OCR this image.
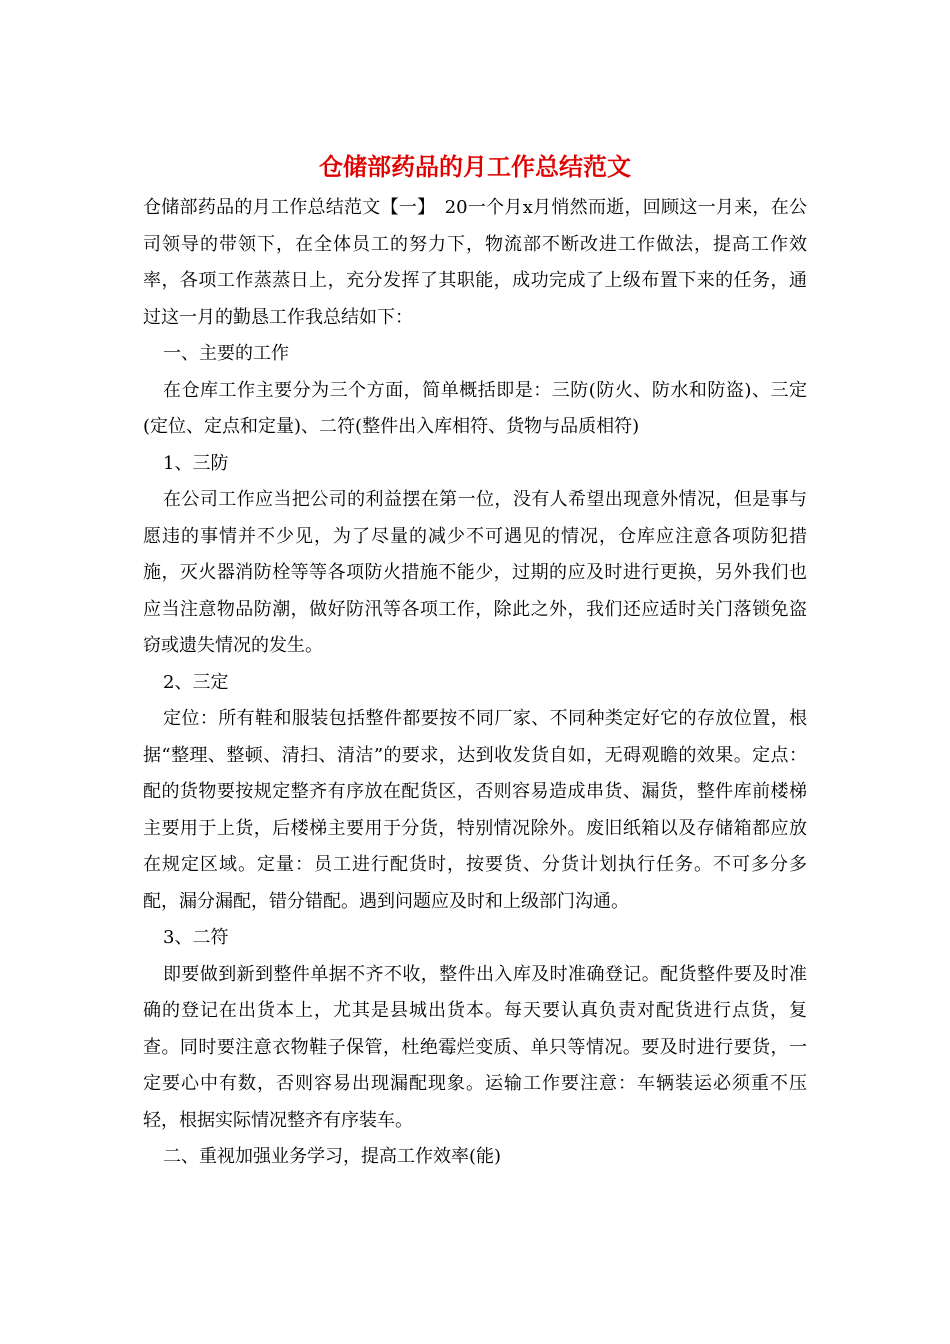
仓储部药品的月工作总结范文

仓储部药品的月工作总结范文【一】　20一个月x月悄然而逝，回顾这一月来，在公司领导的带领下，在全体员工的努力下，物流部不断改进工作做法，提高工作效率，各项工作蒸蒸日上，充分发挥了其职能，成功完成了上级布置下来的任务，通过这一月的勤恳工作我总结如下：

一、主要的工作

在仓库工作主要分为三个方面，简单概括即是：三防(防火、防水和防盗)、三定(定位、定点和定量)、二符(整件出入库相符、货物与品质相符)

1、三防

在公司工作应当把公司的利益摆在第一位，没有人希望出现意外情况，但是事与愿违的事情并不少见，为了尽量的减少不可遇见的情况，仓库应注意各项防犯措施，灭火器消防栓等等各项防火措施不能少，过期的应及时进行更换，另外我们也应当注意物品防潮，做好防汛等各项工作，除此之外，我们还应适时关门落锁免盗窃或遗失情况的发生。

2、三定

定位：所有鞋和服装包括整件都要按不同厂家、不同种类定好它的存放位置，根据“整理、整顿、清扫、清洁”的要求，达到收发货自如，无碍观瞻的效果。定点：配的货物要按规定整齐有序放在配货区，否则容易造成串货、漏货，整件库前楼梯主要用于上货，后楼梯主要用于分货，特别情况除外。废旧纸箱以及存储箱都应放在规定区域。定量：员工进行配货时，按要货、分货计划执行任务。不可多分多配，漏分漏配，错分错配。遇到问题应及时和上级部门沟通。

3、二符

即要做到新到整件单据不齐不收，整件出入库及时准确登记。配货整件要及时准确的登记在出货本上，尤其是县城出货本。每天要认真负责对配货进行点货，复查。同时要注意衣物鞋子保管，杜绝霉烂变质、单只等情况。要及时进行要货，一定要心中有数，否则容易出现漏配现象。运输工作要注意：车辆装运必须重不压轻，根据实际情况整齐有序装车。

二、重视加强业务学习，提高工作效率(能)
